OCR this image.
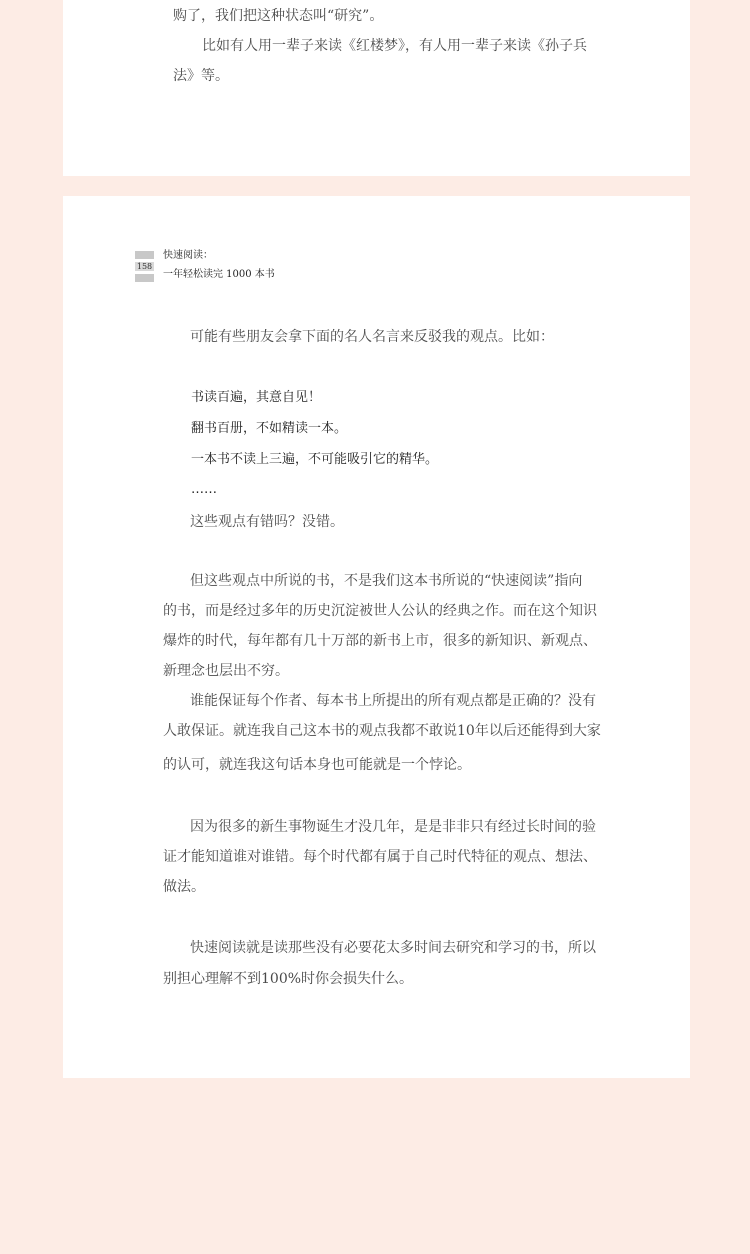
购了，我们把这种状态叫“研究”。

比如有人用一辈子来读《红楼梦》，有人用一辈子来读《孙子兵

法》等。

158
快速阅读：
一年轻松读完 1000 本书

可能有些朋友会拿下面的名人名言来反驳我的观点。比如：

书读百遍，其意自见！

翻书百册，不如精读一本。

一本书不读上三遍，不可能吸引它的精华。

……

这些观点有错吗？没错。

但这些观点中所说的书，不是我们这本书所说的“快速阅读”指向

的书，而是经过多年的历史沉淀被世人公认的经典之作。而在这个知识

爆炸的时代，每年都有几十万部的新书上市，很多的新知识、新观点、

新理念也层出不穷。

谁能保证每个作者、每本书上所提出的所有观点都是正确的？没有

人敢保证。就连我自己这本书的观点我都不敢说10年以后还能得到大家

的认可，就连我这句话本身也可能就是一个悖论。

因为很多的新生事物诞生才没几年，是是非非只有经过长时间的验

证才能知道谁对谁错。每个时代都有属于自己时代特征的观点、想法、

做法。

快速阅读就是读那些没有必要花太多时间去研究和学习的书，所以

别担心理解不到100%时你会损失什么。
